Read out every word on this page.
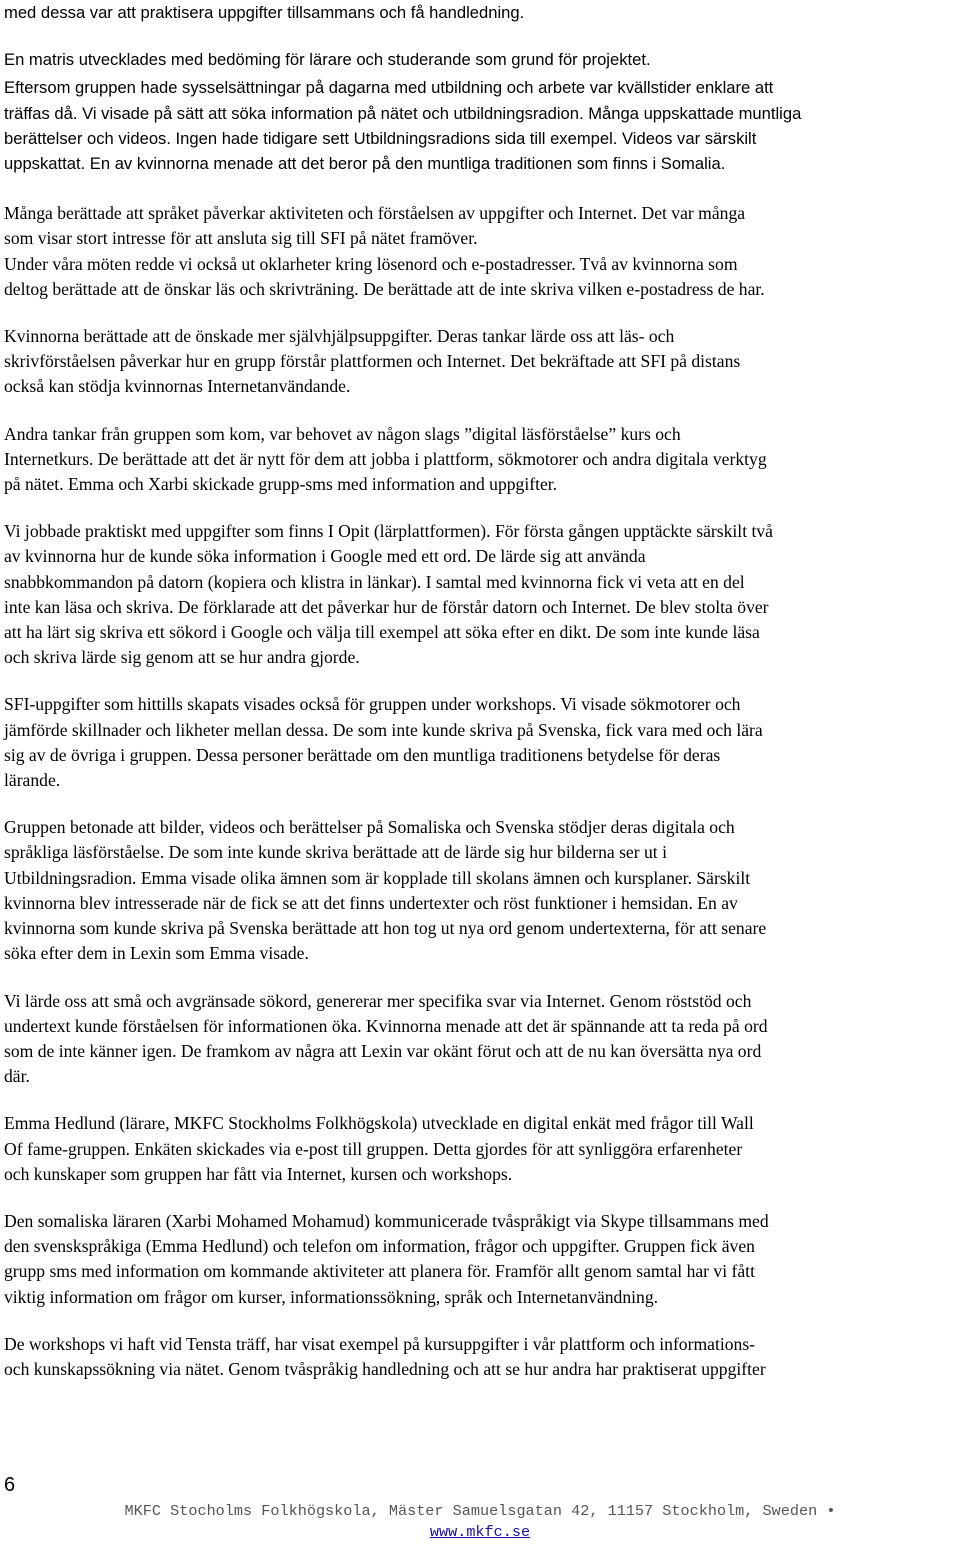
med dessa var att praktisera uppgifter tillsammans och få handledning.

En matris utvecklades med bedöming för lärare och studerande som grund för projektet.

Eftersom gruppen hade sysselsättningar på dagarna med utbildning och arbete var kvällstider enklare att

träffas då. Vi visade på sätt att söka information på nätet och utbildningsradion. Många uppskattade muntliga

berättelser och videos. Ingen hade tidigare sett Utbildningsradions sida till exempel. Videos var särskilt

uppskattat. En av kvinnorna menade att det beror på den muntliga traditionen som finns i Somalia.

Många berättade att språket påverkar aktiviteten och förståelsen av uppgifter och Internet. Det var många

som visar stort intresse för att ansluta sig till SFI på nätet framöver.

Under våra möten redde vi också ut oklarheter kring lösenord och e-postadresser. Två av kvinnorna som

deltog berättade att de önskar läs och skrivträning. De berättade att de inte skriva vilken e-postadress de har.

Kvinnorna berättade att de önskade mer självhjälpsuppgifter. Deras tankar lärde oss att läs- och

skrivförståelsen påverkar hur en grupp förstår plattformen och Internet. Det bekräftade att SFI på distans

också kan stödja kvinnornas Internetanvändande.

Andra tankar från gruppen som kom, var behovet av någon slags ”digital läsförståelse” kurs och

Internetkurs. De berättade att det är nytt för dem att jobba i plattform, sökmotorer och andra digitala verktyg

på nätet. Emma och Xarbi skickade grupp-sms med information and uppgifter.

Vi jobbade praktiskt med uppgifter som finns I Opit (lärplattformen). För första gången upptäckte särskilt två

av kvinnorna hur de kunde söka information i Google med ett ord. De lärde sig att använda

snabbkommandon på datorn (kopiera och klistra in länkar). I samtal med kvinnorna fick vi veta att en del

inte kan läsa och skriva. De förklarade att det påverkar hur de förstår datorn och Internet. De blev stolta över

att ha lärt sig skriva ett sökord i Google och välja till exempel att söka efter en dikt. De som inte kunde läsa

och skriva lärde sig genom att se hur andra gjorde.

SFI-uppgifter som hittills skapats visades också för gruppen under workshops. Vi visade sökmotorer och

jämförde skillnader och likheter mellan dessa. De som inte kunde skriva på Svenska, fick vara med och lära

sig av de övriga i gruppen. Dessa personer berättade om den muntliga traditionens betydelse för deras

lärande.

Gruppen betonade att bilder, videos och berättelser på Somaliska och Svenska stödjer deras digitala och

språkliga läsförståelse. De som inte kunde skriva berättade att de lärde sig hur bilderna ser ut i

Utbildningsradion. Emma visade olika ämnen som är kopplade till skolans ämnen och kursplaner. Särskilt

kvinnorna blev intresserade när de fick se att det finns undertexter och röst funktioner i hemsidan. En av

kvinnorna som kunde skriva på Svenska berättade att hon tog ut nya ord genom undertexterna, för att senare

söka efter dem in Lexin som Emma visade.

Vi lärde oss att små och avgränsade sökord, genererar mer specifika svar via Internet. Genom röststöd och

undertext kunde förståelsen för informationen öka. Kvinnorna menade att det är spännande att ta reda på ord

som de inte känner igen. De framkom av några att Lexin var okänt förut och att de nu kan översätta nya ord

där.

Emma Hedlund (lärare, MKFC Stockholms Folkhögskola) utvecklade en digital enkät med frågor till Wall

Of fame-gruppen. Enkäten skickades via e-post till gruppen. Detta gjordes för att synliggöra erfarenheter

och kunskaper som gruppen har fått via Internet, kursen och workshops.

Den somaliska läraren (Xarbi Mohamed Mohamud) kommunicerade tvåspråkigt via Skype tillsammans med

den svenskspråkiga (Emma Hedlund) och telefon om information, frågor och uppgifter. Gruppen fick även

grupp sms med information om kommande aktiviteter att planera för. Framför allt genom samtal har vi fått

viktig information om frågor om kurser, informationssökning, språk och Internetanvändning.

De workshops vi haft vid Tensta träff, har visat exempel på kursuppgifter i vår plattform och informations-

och kunskapssökning via nätet. Genom tvåspråkig handledning och att se hur andra har praktiserat uppgifter

6
MKFC Stocholms Folkhögskola, Mäster Samuelsgatan 42, 11157 Stockholm, Sweden •
www.mkfc.se
